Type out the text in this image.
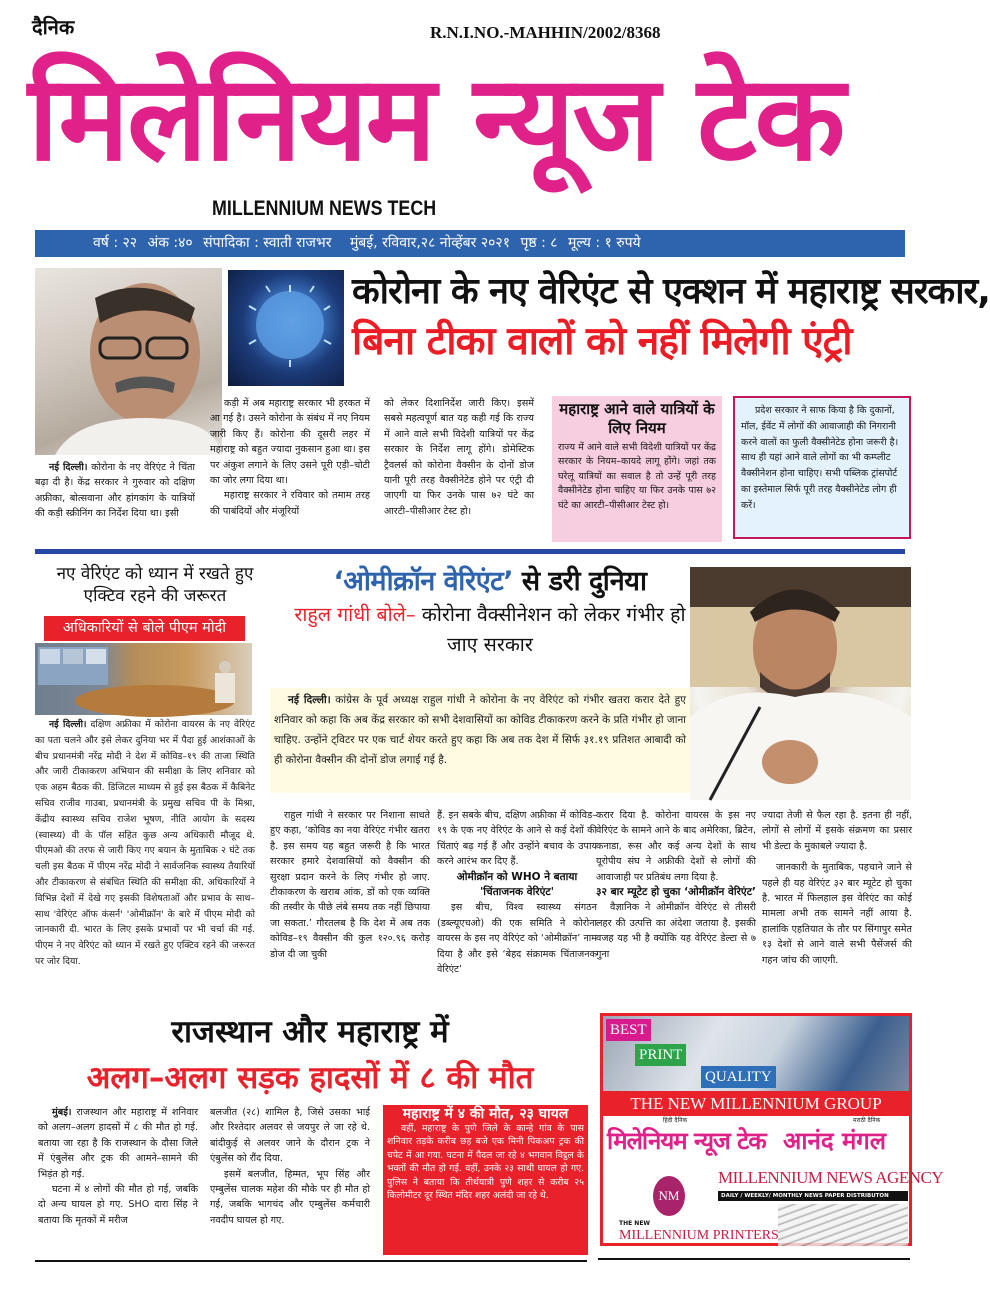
दैनिक	R.N.I.NO.-MAHHIN/2002/8368
मिलेनियम न्यूज टेक
MILLENNIUM NEWS TECH
वर्ष : २२ अंक :४० संपादिका : स्वाती राजभर मुंबई, रविवार,२८ नोव्हेंबर २०२१ पृष्ठ : ८ मूल्य : १ रुपये
कोरोना के नए वेरिएंट से एक्शन में महाराष्ट्र सरकार,
बिना टीका वालों को नहीं मिलेगी एंट्री
नई दिल्ली। कोरोना के नए वेरिएंट ने चिंता बढ़ा दी है। केंद्र सरकार ने गुरुवार को दक्षिण अफ्रीका, बोत्सवाना और हांगकांग के यात्रियों की कड़ी स्क्रीनिंग का निर्देश दिया था। इसी

कड़ी में अब महाराष्ट्र सरकार भी हरकत में आ गई है। उसने कोरोना के संबंध में नए नियम जारी किए हैं। कोरोना की दूसरी लहर में महाराष्ट्र को बहुत ज्यादा नुकसान हुआ था। इस पर अंकुश लगाने के लिए उसने पूरी एड़ी–चोटी का जोर लगा दिया था।

महाराष्ट्र सरकार ने रविवार को तमाम तरह की पाबंदियों और मंजूरियों

को लेकर दिशानिर्देश जारी किए। इसमें सबसे महत्वपूर्ण बात यह कही गई कि राज्य में आने वाले सभी विदेशी यात्रियों पर केंद्र सरकार के निर्देश लागू होंगे। डोमेस्टिक ट्रैवलर्स को कोरोना वैक्सीन के दोनों डोज यानी पूरी तरह वैक्सीनेटेड होने पर एंट्री दी जाएगी या फिर उनके पास ७२ घंटे का आरटी–पीसीआर टेस्ट हो।
महाराष्ट्र आने वाले यात्रियों के लिए नियम

राज्य में आने वाले सभी विदेशी यात्रियों पर केंद्र सरकार के नियम–कायदे लागू होंगे। जहां तक घरेलू यात्रियों का सवाल है तो उन्हें पूरी तरह वैक्सीनेटेड होना चाहिए या फिर उनके पास ७२ घंटे का आरटी–पीसीआर टेस्ट हो।

प्रदेश सरकार ने साफ किया है कि दुकानों, मॉल, ईवेंट में लोगों की आवाजाही की निगरानी करने वालों का फुली वैक्सीनेटेड होना जरूरी है। साथ ही यहां आने वाले लोगों का भी कम्प्लीट वैक्सीनेशन होना चाहिए। सभी पब्लिक ट्रांसपोर्ट का इस्तेमाल सिर्फ पूरी तरह वैक्सीनेटेड लोग ही करें।

नए वेरिएंट को ध्यान में रखते हुए एक्टिव रहने की जरूरत
अधिकारियों से बोले पीएम मोदी

नई दिल्ली। दक्षिण अफ्रीका में कोरोना वायरस के नए वेरिएंट का पता चलने और इसे लेकर दुनिया भर में पैदा हुई आशंकाओं के बीच प्रधानमंत्री नरेंद्र मोदी ने देश में कोविड–१९ की ताजा स्थिति और जारी टीकाकरण अभियान की समीक्षा के लिए शनिवार को एक अहम बैठक की. डिजिटल माध्यम से हुई इस बैठक में कैबिनेट सचिव राजीव गाउबा, प्रधानमंत्री के प्रमुख सचिव पी के मिश्रा, केंद्रीय स्वास्थ्य सचिव राजेश भूषण, नीति आयोग के सदस्य (स्वास्थ्य) वी के पॉल सहित कुछ अन्य अधिकारी मौजूद थे. पीएमओ की तरफ से जारी किए गए बयान के मुताबिक २ घंटे तक चली इस बैठक में पीएम नरेंद्र मोदी ने सार्वजनिक स्वास्थ्य तैयारियों और टीकाकरण से संबंधित स्थिति की समीक्षा की. अधिकारियों ने विभिन्न देशों में देखे गए इसकी विशेषताओं और प्रभाव के साथ–साथ 'वेरिएंट ऑफ कंसर्न' 'ओमीक्रॉन' के बारे में पीएम मोदी को जानकारी दी. भारत के लिए इसके प्रभावों पर भी चर्चा की गई. पीएम ने नए वेरिएंट को ध्यान में रखते हुए एक्टिव रहने की जरूरत पर जोर दिया.

‘ओमीक्रॉन वेरिएंट’ से डरी दुनिया
राहुल गांधी बोले– कोरोना वैक्सीनेशन को लेकर गंभीर हो जाए सरकार

नई दिल्ली। कांग्रेस के पूर्व अध्यक्ष राहुल गांधी ने कोरोना के नए वेरिएंट को गंभीर खतरा करार देते हुए शनिवार को कहा कि अब केंद्र सरकार को सभी देशवासियों का कोविड टीकाकरण करने के प्रति गंभीर हो जाना चाहिए. उन्होंने ट्विटर पर एक चार्ट शेयर करते हुए कहा कि अब तक देश में सिर्फ ३१.१९ प्रतिशत आबादी को ही कोरोना वैक्सीन की दोनों डोज लगाई गई है.

राहुल गांधी ने सरकार पर निशाना साधते हुए कहा, ‘कोविड का नया वेरिएंट गंभीर खतरा है. इस समय यह बहुत जरूरी है कि भारत सरकार हमारे देशवासियों को वैक्सीन की सुरक्षा प्रदान करने के लिए गंभीर हो जाए. टीकाकरण के खराब आंक, डों को एक व्यक्ति की तस्वीर के पीछे लंबे समय तक नहीं छिपाया जा सकता.’ गौरतलब है कि देश में अब तक कोविड–१९ वैक्सीन की कुल १२०.९६ करोड़ डोज दी जा चुकी

हैं. इन सबके बीच, दक्षिण अफ्रीका में कोविड–१९ के एक नए वेरिएंट के आने से कई देशों की चिंताएं बढ़ गई हैं और उन्होंने बचाव के उपाय करने आरंभ कर दिए हैं.

ओमीक्रॉन को WHO ने बताया 'चिंताजनक वेरिएंट'

इस बीच, विश्व स्वास्थ्य संगठन (डब्ल्यूएचओ) की एक समिति ने कोरोना वायरस के इस नए वेरिएंट को ‘ओमीक्रॉन’ नाम दिया है और इसे ‘बेहद संक्रामक चिंताजनक वेरिएंट’

करार दिया है. कोरोना वायरस के इस नए वेरिएंट के सामने आने के बाद अमेरिका, ब्रिटेन, कनाडा, रूस और कई अन्य देशों के साथ यूरोपीय संघ ने अफ्रीकी देशों से लोगों की आवाजाही पर प्रतिबंध लगा दिया है.

३२ बार म्यूटेट हो चुका ‘ओमीक्रॉन वेरिएंट’

वैज्ञानिक ने ओमीक्रॉन वेरिएंट से तीसरी लहर की उत्पत्ति का अंदेशा जताया है. इसकी वजह यह भी है क्योंकि यह वेरिएंट डेल्टा से ७ गुना

ज्यादा तेजी से फैल रहा है. इतना ही नहीं, लोगों से लोगों में इसके संक्रमण का प्रसार भी डेल्टा के मुकाबले ज्यादा है.

जानकारी के मुताबिक, पहचाने जाने से पहले ही यह वेरिएंट ३२ बार म्यूटेट हो चुका है. भारत में फिलहाल इस वेरिएंट का कोई मामला अभी तक सामने नहीं आया है. हालांकि एहतियात के तौर पर सिंगापुर समेत १३ देशों से आने वाले सभी पैसेंजर्स की गहन जांच की जाएगी.

राजस्थान और महाराष्ट्र में
अलग–अलग सड़क हादसों में ८ की मौत

मुंबई। राजस्थान और महाराष्ट्र में शनिवार को अलग–अलग हादसों में ८ की मौत हो गई. बताया जा रहा है कि राजस्थान के दौसा जिले में एंबुलेंस और ट्रक की आमने–सामने की भिड़ंत हो गई.

घटना में ४ लोगों की मौत हो गई, जबकि दो अन्य घायल हो गए. SHO दारा सिंह ने बताया कि मृतकों में मरीज

बलजीत (२८) शामिल है, जिसे उसका भाई और रिश्तेदार अलवर से जयपुर ले जा रहे थे. बांदीकुई से अलवर जाने के दौरान ट्रक ने एंबुलेंस को रौंद दिया.

इसमें बलजीत, हिम्मत, भूप सिंह और एम्बुलेंस चालक महेश की मौके पर ही मौत हो गई, जबकि भागचंद और एम्बुलेंस कर्मचारी नवदीप घायल हो गए.

महाराष्ट्र में ४ की मौत, २३ घायल

वहीं, महाराष्ट्र के पुणे जिले के कान्हे गांव के पास शनिवार तड़के करीब छह बजे एक मिनी पिकअप ट्रक की चपेट में आ गया. घटना में पैदल जा रहे ४ भगवान विट्ठल के भक्तों की मौत हो गई. वहीं, उनके २३ साथी घायल हो गए. पुलिस ने बताया कि तीर्थयात्री पुणे शहर से करीब २५ किलोमीटर दूर स्थित मंदिर शहर अलंदी जा रहे थे.

BEST
PRINT
QUALITY
THE NEW MILLENNIUM GROUP
हिंदी दैनिक	मराठी दैनिक
मिलेनियम न्यूज टेक आनंद मंगल
MILLENNIUM NEWS AGENCY
DAILY / WEEKLY/ MONTHLY NEWS PAPER DISTRIBUTON
NM
THE NEW
MILLENNIUM PRINTERS
